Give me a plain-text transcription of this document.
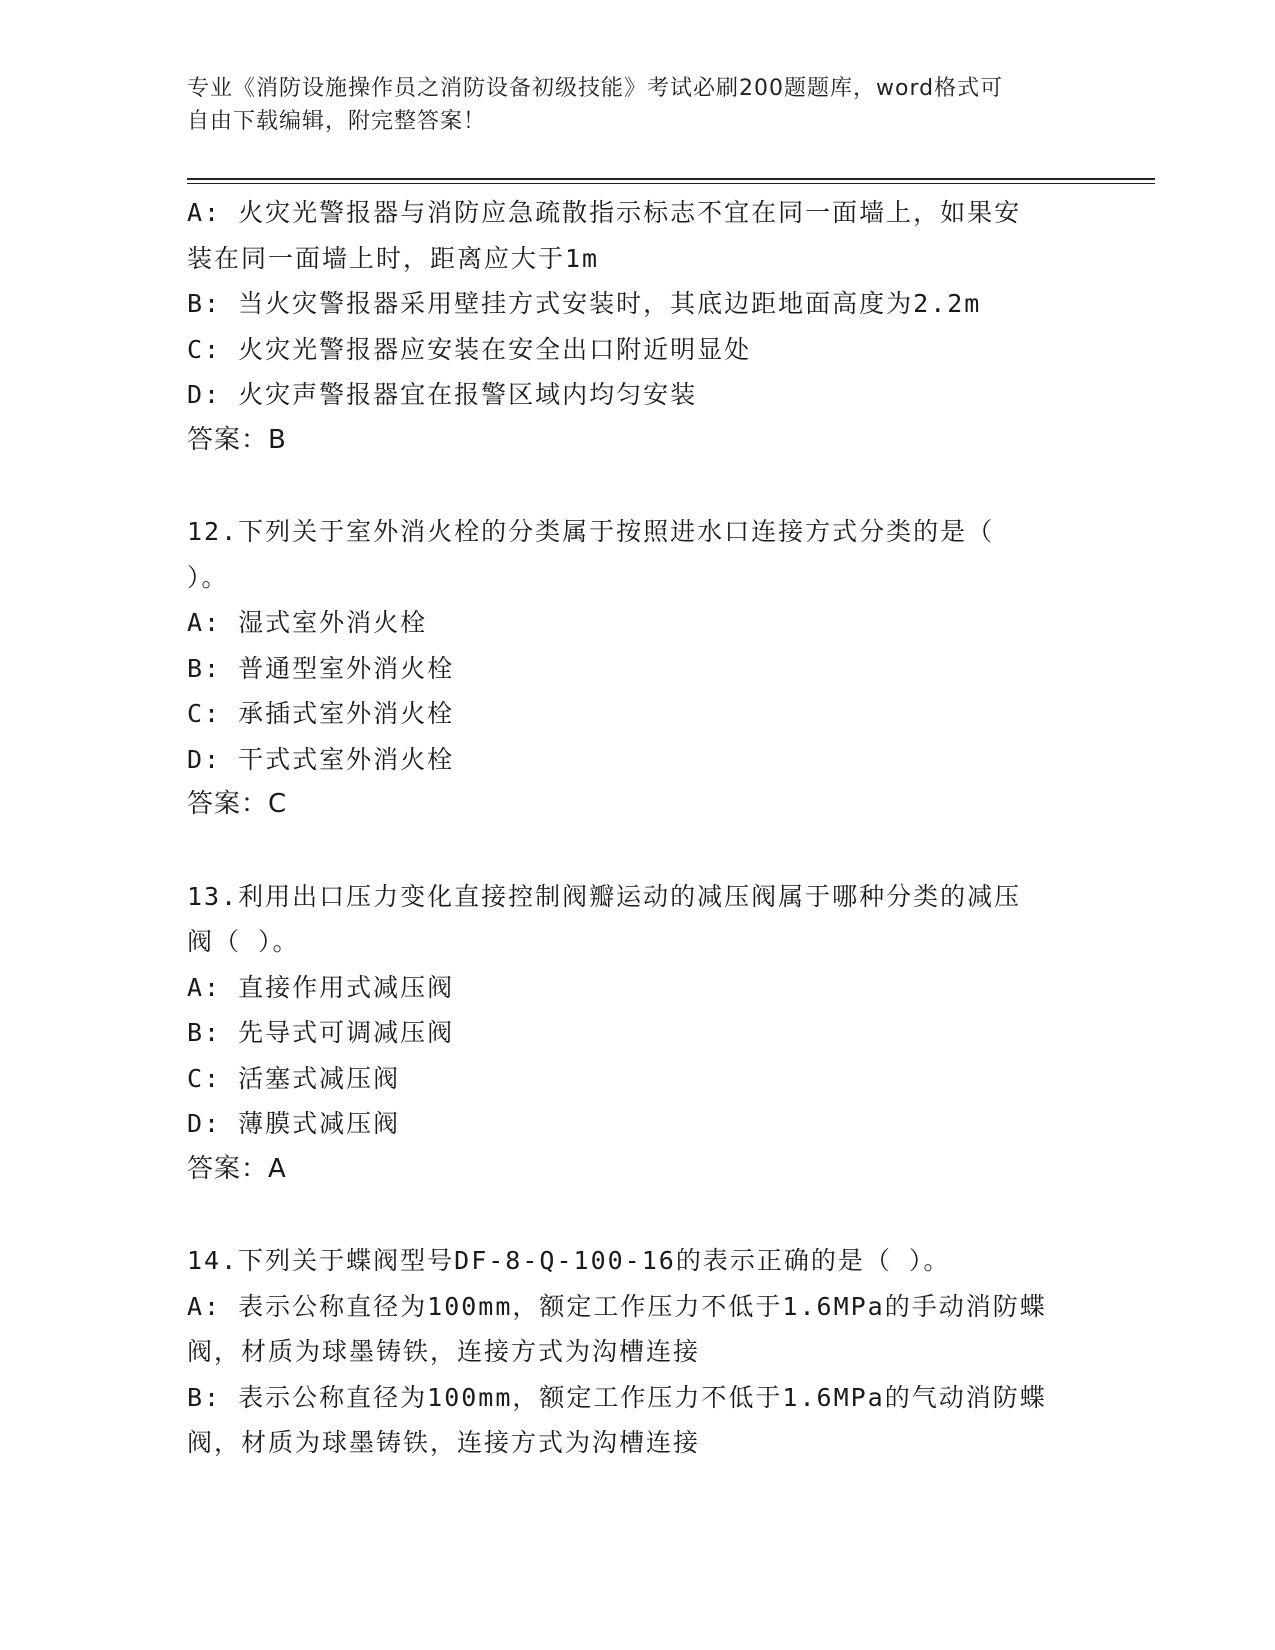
专业《消防设施操作员之消防设备初级技能》考试必刷200题题库，word格式可
自由下载编辑，附完整答案！
A: 火灾光警报器与消防应急疏散指示标志不宜在同一面墙上，如果安
装在同一面墙上时，距离应大于1m
B: 当火灾警报器采用壁挂方式安装时，其底边距地面高度为2.2m
C: 火灾光警报器应安装在安全出口附近明显处
D: 火灾声警报器宜在报警区域内均匀安装
答案：B
12.下列关于室外消火栓的分类属于按照进水口连接方式分类的是（
）。
A: 湿式室外消火栓
B: 普通型室外消火栓
C: 承插式室外消火栓
D: 干式式室外消火栓
答案：C
13.利用出口压力变化直接控制阀瓣运动的减压阀属于哪种分类的减压
阀（ ）。
A: 直接作用式减压阀
B: 先导式可调减压阀
C: 活塞式减压阀
D: 薄膜式减压阀
答案：A
14.下列关于蝶阀型号DF-8-Q-100-16的表示正确的是（ ）。
A: 表示公称直径为100mm，额定工作压力不低于1.6MPa的手动消防蝶
阀，材质为球墨铸铁，连接方式为沟槽连接
B: 表示公称直径为100mm，额定工作压力不低于1.6MPa的气动消防蝶
阀，材质为球墨铸铁，连接方式为沟槽连接
